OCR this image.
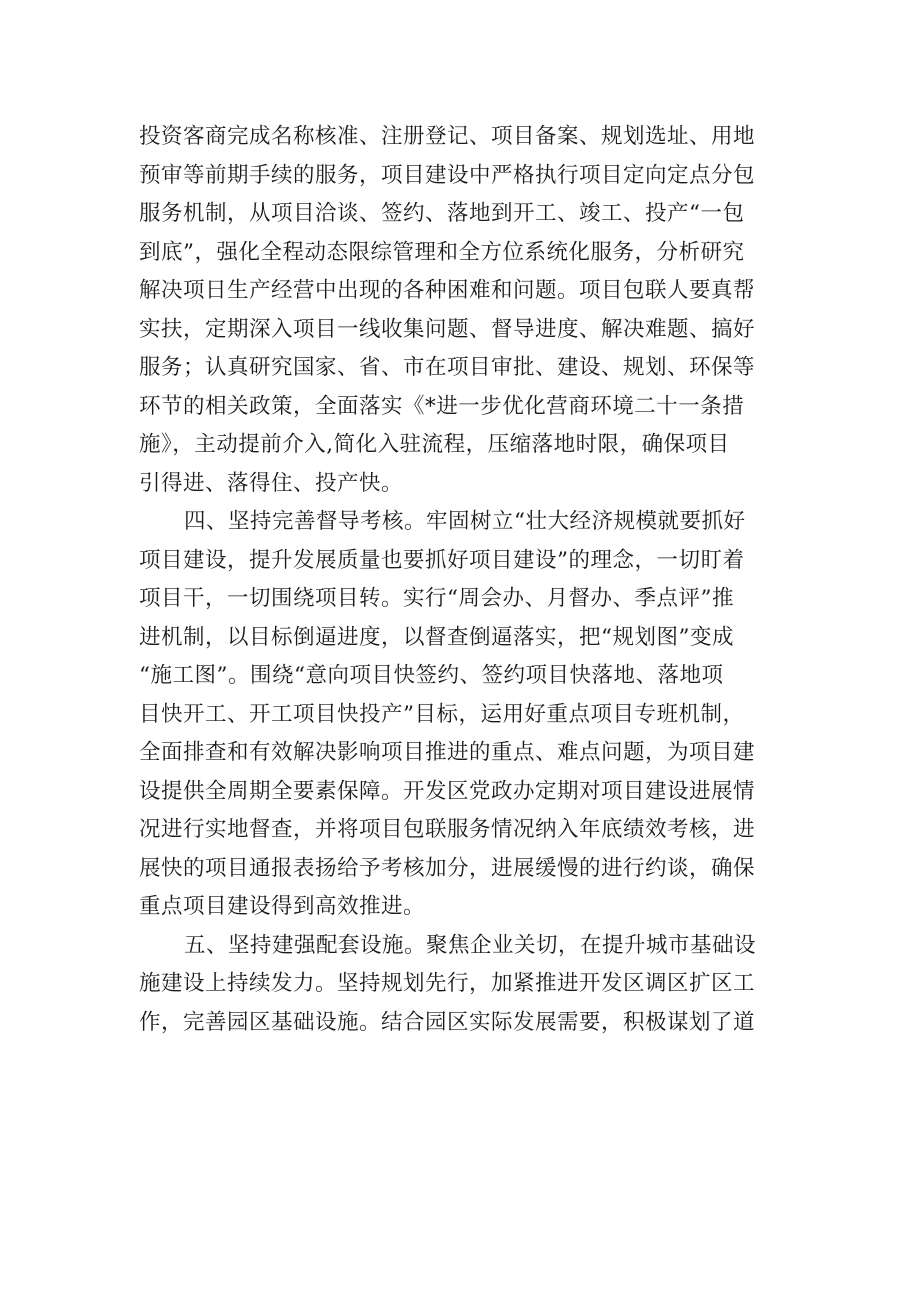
投资客商完成名称核准、注册登记、项目备案、规划选址、用地
预审等前期手续的服务，项目建设中严格执行项目定向定点分包
服务机制，从项目洽谈、签约、落地到开工、竣工、投产“一包
到底”，强化全程动态限综管理和全方位系统化服务，分析研究
解决项日生产经营中出现的各种困难和问题。项目包联人要真帮
实扶，定期深入项目一线收集问题、督导进度、解决难题、搞好
服务；认真研究国家、省、市在项目审批、建设、规划、环保等
环节的相关政策，全面落实《*进一步优化营商环境二十一条措
施》，主动提前介入,简化入驻流程，压缩落地时限，确保项目
引得进、落得住、投产快。
四、坚持完善督导考核。牢固树立“壮大经济规模就要抓好
项目建设，提升发展质量也要抓好项目建设”的理念，一切盯着
项目干，一切围绕项目转。实行“周会办、月督办、季点评”推
进机制，以目标倒逼进度，以督查倒逼落实，把“规划图”变成
“施工图”。围绕“意向项目快签约、签约项目快落地、落地项
目快开工、开工项目快投产”目标，运用好重点项目专班机制，
全面排查和有效解决影响项目推进的重点、难点问题，为项目建
设提供全周期全要素保障。开发区党政办定期对项目建设进展情
况进行实地督查，并将项目包联服务情况纳入年底绩效考核，进
展快的项目通报表扬给予考核加分，进展缓慢的进行约谈，确保
重点项目建设得到高效推进。
五、坚持建强配套设施。聚焦企业关切，在提升城市基础设
施建设上持续发力。坚持规划先行，加紧推进开发区调区扩区工
作，完善园区基础设施。结合园区实际发展需要，积极谋划了道
